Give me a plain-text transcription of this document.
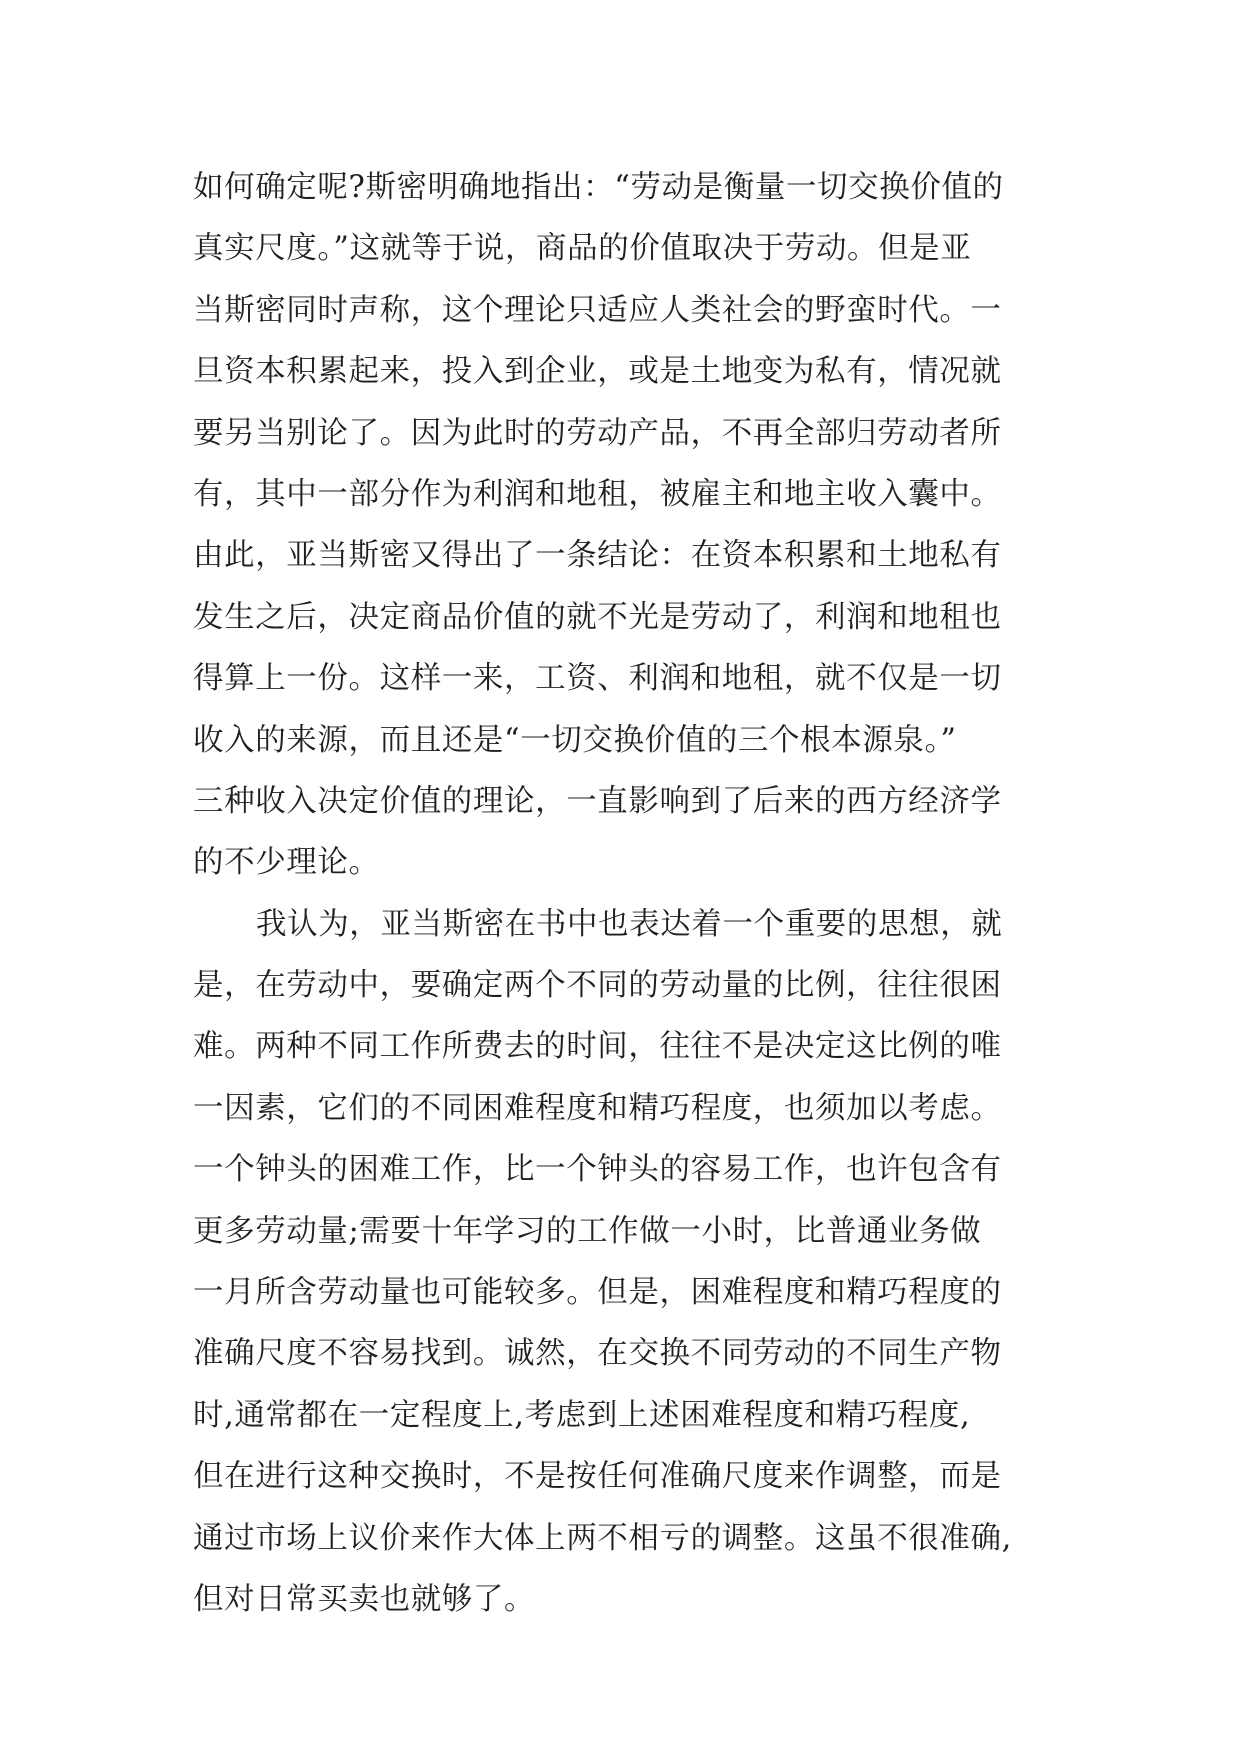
如何确定呢?斯密明确地指出：“劳动是衡量一切交换价值的
真实尺度。”这就等于说，商品的价值取决于劳动。但是亚
当斯密同时声称，这个理论只适应人类社会的野蛮时代。一
旦资本积累起来，投入到企业，或是土地变为私有，情况就
要另当别论了。因为此时的劳动产品，不再全部归劳动者所
有，其中一部分作为利润和地租，被雇主和地主收入囊中。
由此，亚当斯密又得出了一条结论：在资本积累和土地私有
发生之后，决定商品价值的就不光是劳动了，利润和地租也
得算上一份。这样一来，工资、利润和地租，就不仅是一切
收入的来源，而且还是“一切交换价值的三个根本源泉。”
三种收入决定价值的理论，一直影响到了后来的西方经济学
的不少理论。
我认为，亚当斯密在书中也表达着一个重要的思想，就
是，在劳动中，要确定两个不同的劳动量的比例，往往很困
难。两种不同工作所费去的时间，往往不是决定这比例的唯
一因素，它们的不同困难程度和精巧程度，也须加以考虑。
一个钟头的困难工作，比一个钟头的容易工作，也许包含有
更多劳动量;需要十年学习的工作做一小时，比普通业务做
一月所含劳动量也可能较多。但是，困难程度和精巧程度的
准确尺度不容易找到。诚然，在交换不同劳动的不同生产物
时,通常都在一定程度上,考虑到上述困难程度和精巧程度,
但在进行这种交换时，不是按任何准确尺度来作调整，而是
通过市场上议价来作大体上两不相亏的调整。这虽不很准确,
但对日常买卖也就够了。
